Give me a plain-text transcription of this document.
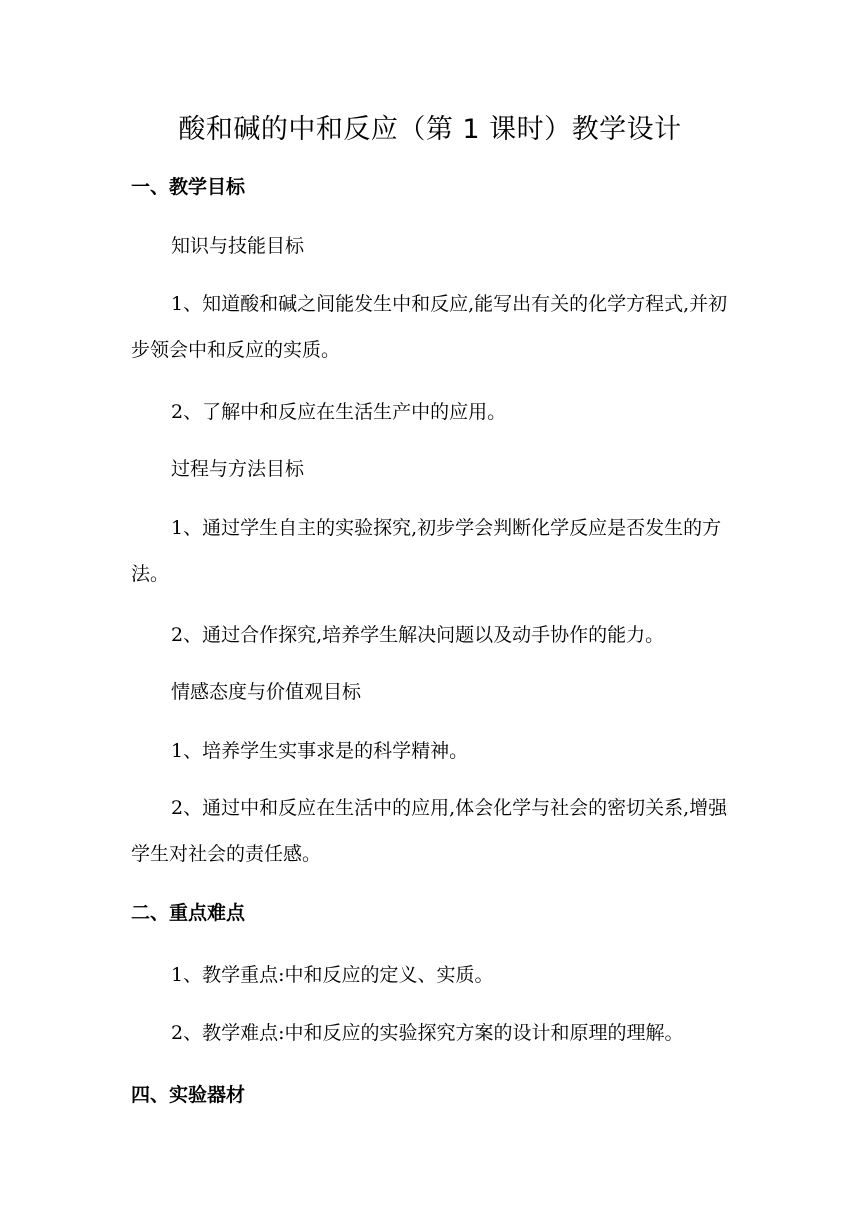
酸和碱的中和反应（第 1 课时）教学设计
一、教学目标
知识与技能目标
1、知道酸和碱之间能发生中和反应,能写出有关的化学方程式,并初步领会中和反应的实质。
2、了解中和反应在生活生产中的应用。
过程与方法目标
1、通过学生自主的实验探究,初步学会判断化学反应是否发生的方法。
2、通过合作探究,培养学生解决问题以及动手协作的能力。
情感态度与价值观目标
1、培养学生实事求是的科学精神。
2、通过中和反应在生活中的应用,体会化学与社会的密切关系,增强学生对社会的责任感。
二、重点难点
1、教学重点:中和反应的定义、实质。
2、教学难点:中和反应的实验探究方案的设计和原理的理解。
四、实验器材
